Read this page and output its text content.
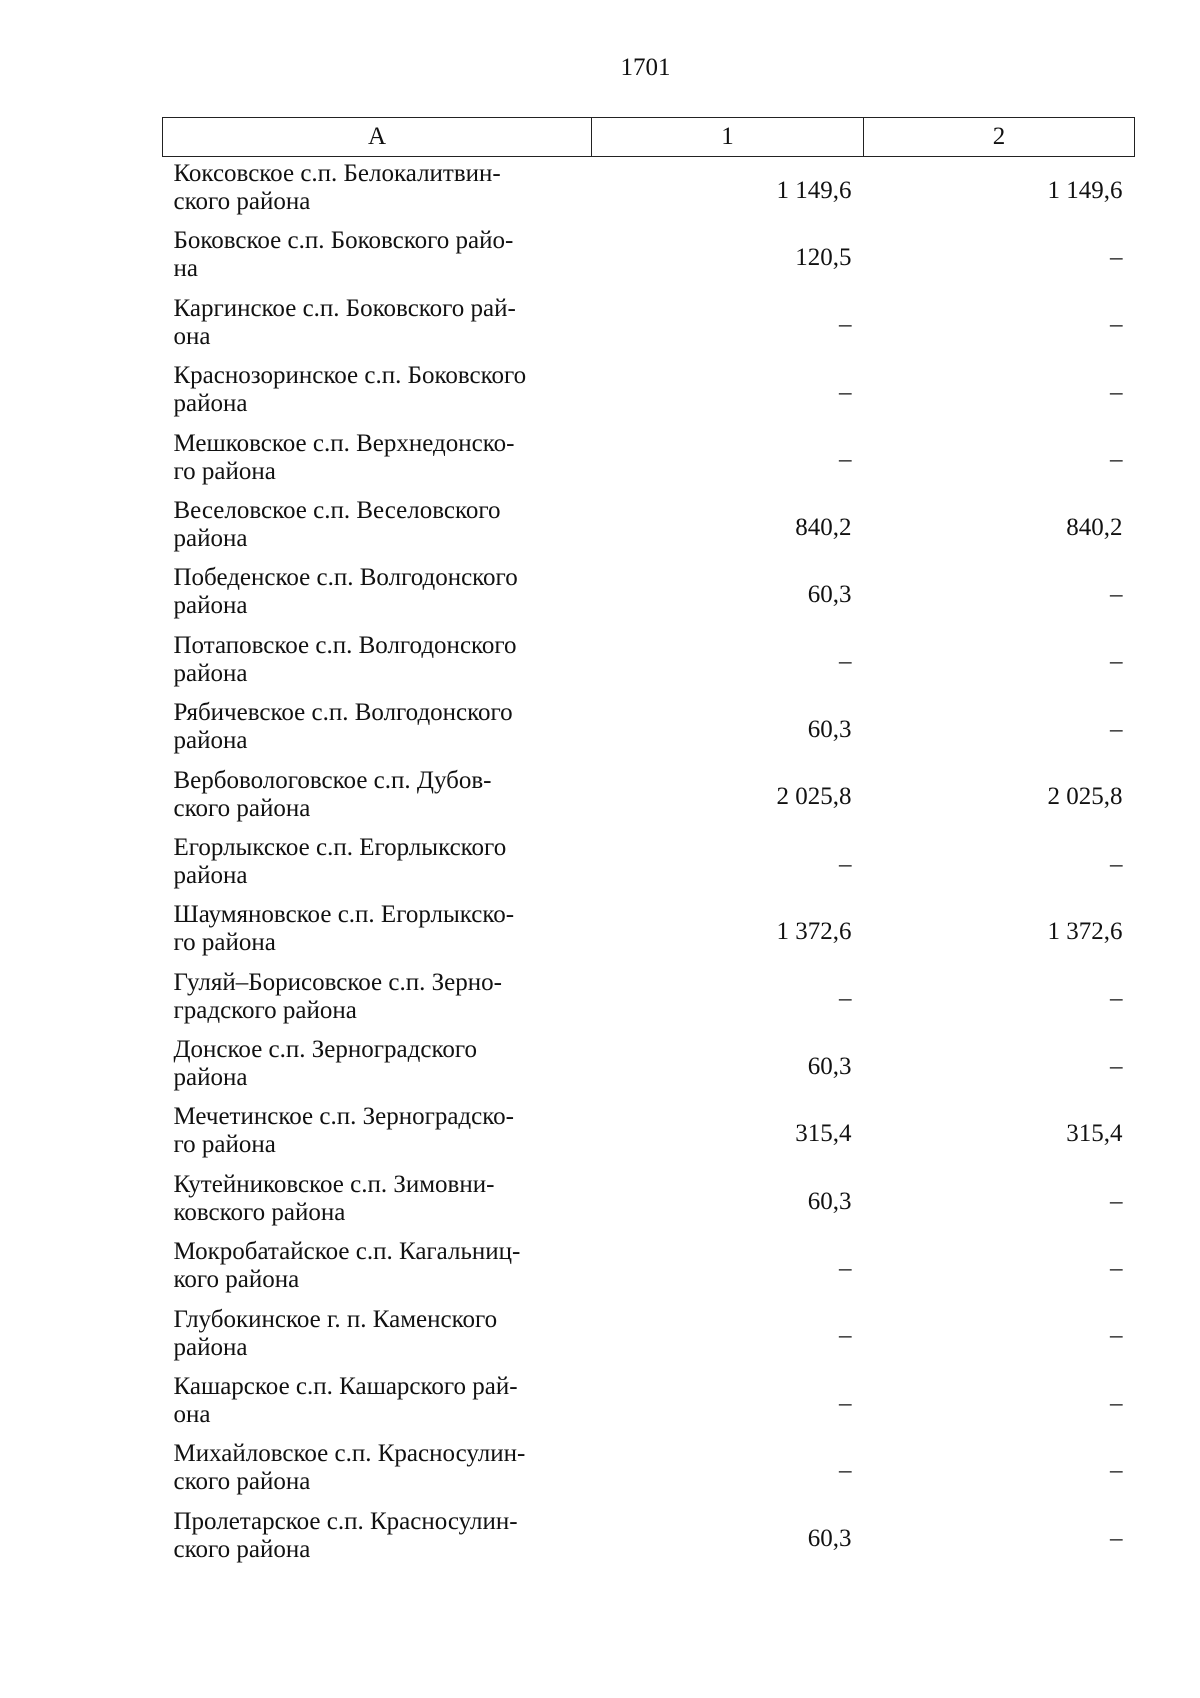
1701
А	1	2

Коксовское с.п. Белокалитвин-
ского района	1 149,6	1 149,6

Боковское с.п. Боковского райо-
на	120,5	–

Каргинское с.п. Боковского рай-
она	–	–

Краснозоринское с.п. Боковского
района	–	–

Мешковское с.п. Верхнедонско-
го района	–	–

Веселовское с.п. Веселовского
района	840,2	840,2

Победенское с.п. Волгодонского
района	60,3	–

Потаповское с.п. Волгодонского
района	–	–

Рябичевское с.п. Волгодонского
района	60,3	–

Вербовологовское с.п. Дубов-
ского района	2 025,8	2 025,8

Егорлыкское с.п. Егорлыкского
района	–	–

Шаумяновское с.п. Егорлыкско-
го района	1 372,6	1 372,6

Гуляй–Борисовское с.п. Зерно-
градского района	–	–

Донское с.п. Зерноградского
района	60,3	–

Мечетинское с.п. Зерноградско-
го района	315,4	315,4

Кутейниковское с.п. Зимовни-
ковского района	60,3	–

Мокробатайское с.п. Кагальниц-
кого района	–	–

Глубокинское г. п. Каменского
района	–	–

Кашарское с.п. Кашарского рай-
она	–	–

Михайловское с.п. Красносулин-
ского района	–	–

Пролетарское с.п. Красносулин-
ского района	60,3	–
